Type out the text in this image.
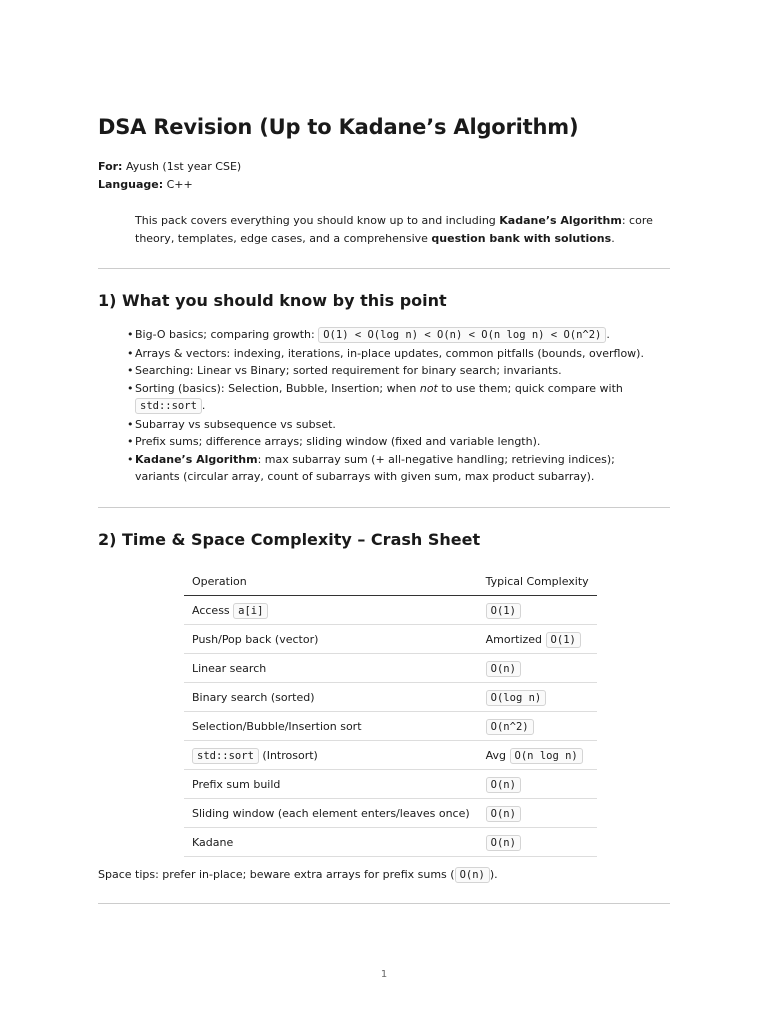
DSA Revision (Up to Kadane’s Algorithm)
For: Ayush (1st year CSE)
Language: C++
This pack covers everything you should know up to and including Kadane’s Algorithm: core theory, templates, edge cases, and a comprehensive question bank with solutions.
1) What you should know by this point
• Big-O basics; comparing growth: O(1) < O(log n) < O(n) < O(n log n) < O(n^2) .
• Arrays & vectors: indexing, iterations, in-place updates, common pitfalls (bounds, overflow).
• Searching: Linear vs Binary; sorted requirement for binary search; invariants.
• Sorting (basics): Selection, Bubble, Insertion; when not to use them; quick compare with std::sort .
• Subarray vs subsequence vs subset.
• Prefix sums; difference arrays; sliding window (fixed and variable length).
• Kadane’s Algorithm: max subarray sum (+ all-negative handling; retrieving indices); variants (circular array, count of subarrays with given sum, max product subarray).
2) Time & Space Complexity – Crash Sheet
Operation	Typical Complexity
Access a[i]	O(1)
Push/Pop back (vector)	Amortized O(1)
Linear search	O(n)
Binary search (sorted)	O(log n)
Selection/Bubble/Insertion sort	O(n^2)
std::sort (Introsort)	Avg O(n log n)
Prefix sum build	O(n)
Sliding window (each element enters/leaves once)	O(n)
Kadane	O(n)
Space tips: prefer in-place; beware extra arrays for prefix sums ( O(n) ).
1
